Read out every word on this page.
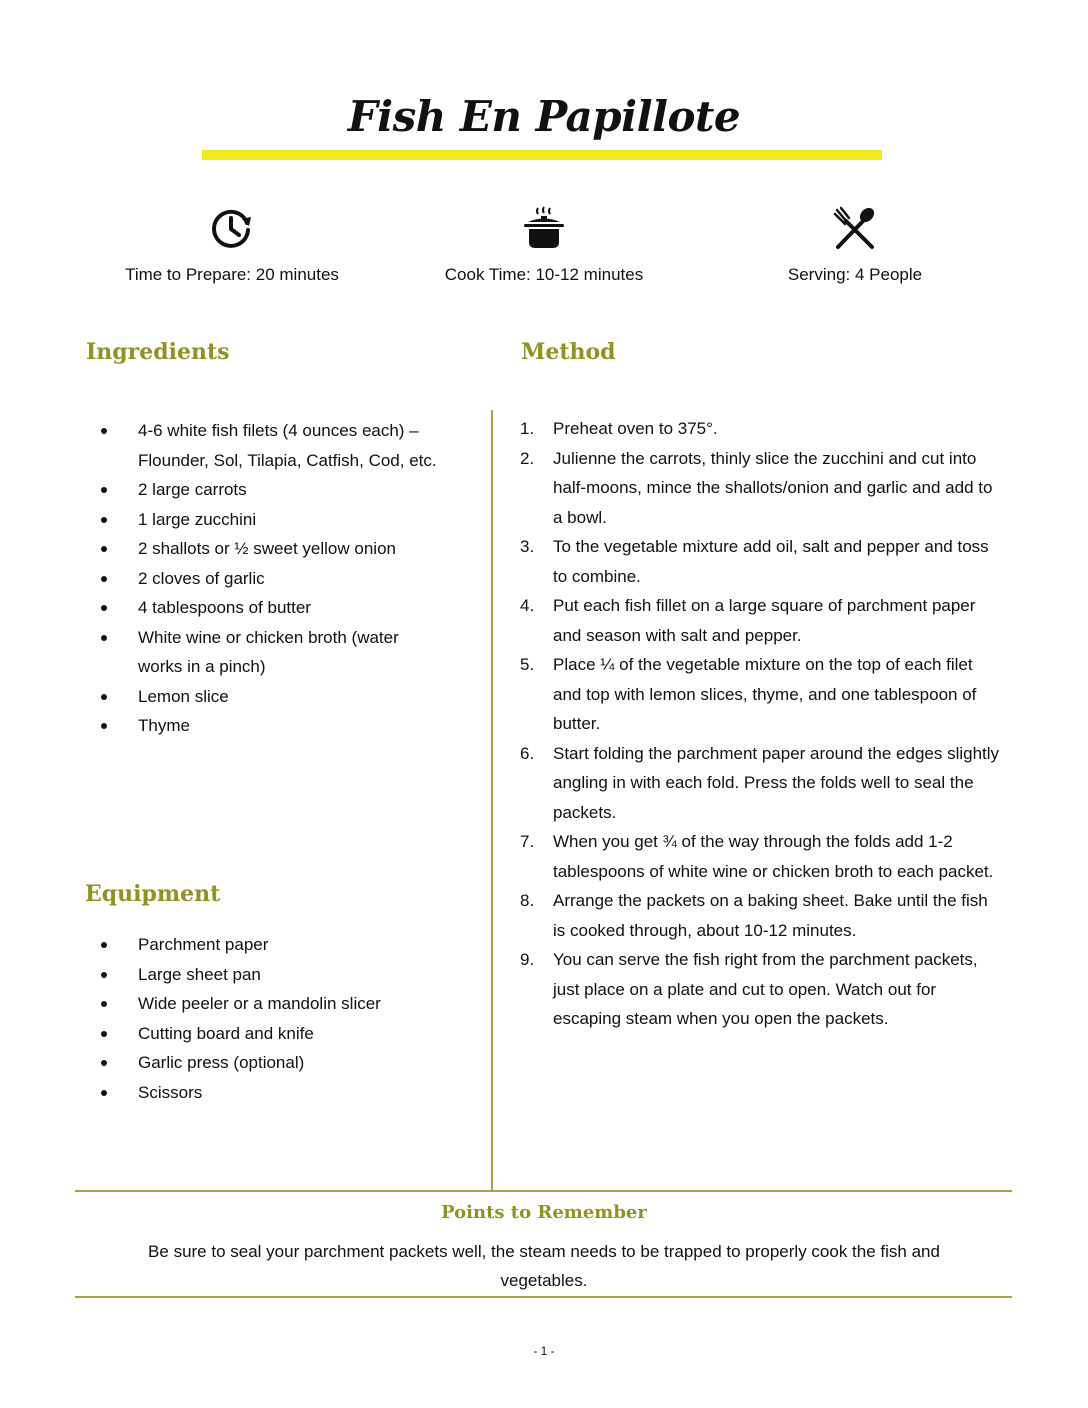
Fish En Papillote
Time to Prepare: 20 minutes	Cook Time: 10-12 minutes	Serving: 4 People
Ingredients	Method
4-6 white fish filets (4 ounces each) – Flounder, Sol, Tilapia, Catfish, Cod, etc.
2 large carrots
1 large zucchini
2 shallots or ½ sweet yellow onion
2 cloves of garlic
4 tablespoons of butter
White wine or chicken broth (water works in a pinch)
Lemon slice
Thyme
Equipment
Parchment paper
Large sheet pan
Wide peeler or a mandolin slicer
Cutting board and knife
Garlic press (optional)
Scissors
1. Preheat oven to 375°.
2. Julienne the carrots, thinly slice the zucchini and cut into half-moons, mince the shallots/onion and garlic and add to a bowl.
3. To the vegetable mixture add oil, salt and pepper and toss to combine.
4. Put each fish fillet on a large square of parchment paper and season with salt and pepper.
5. Place ¼ of the vegetable mixture on the top of each filet and top with lemon slices, thyme, and one tablespoon of butter.
6. Start folding the parchment paper around the edges slightly angling in with each fold. Press the folds well to seal the packets.
7. When you get ¾ of the way through the folds add 1-2 tablespoons of white wine or chicken broth to each packet.
8. Arrange the packets on a baking sheet. Bake until the fish is cooked through, about 10-12 minutes.
9. You can serve the fish right from the parchment packets, just place on a plate and cut to open. Watch out for escaping steam when you open the packets.
Points to Remember
Be sure to seal your parchment packets well, the steam needs to be trapped to properly cook the fish and vegetables.
- 1 -
